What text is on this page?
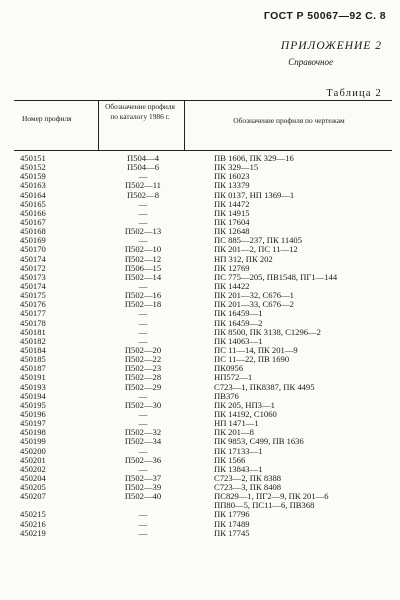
ГОСТ Р 50067—92 С. 8
ПРИЛОЖЕНИЕ 2
Справочное
Таблица 2
Номер профиля
Обозначение профиля
по каталогу 1986 г.	Обозначение профиля по чертежам
450151	П504—4	ПВ 1606, ПК 329—16
450152	П504—6	ПК 329—15
450159	—	ПК 16023
450163	П502—11	ПК 13379
450164	П502—8	ПК 0137, НП 1369—1
450165	—	ПК 14472
450166	—	ПК 14915
450167	—	ПК 17604
450168	П502—13	ПК 12648
450169	—	ПС 885—237, ПК 11405
450170	П502—10	ПК 201—2, ПС 11—12
450174	П502—12	НП 312, ПК 202
450172	П506—15	ПК 12769
450173	П502—14	ПС 775—205, ПВ1548, ПГ1—144
450174	—	ПК 14422
450175	П502—16	ПК 201—32, С676—1
450176	П502—18	ПК 201—33, С676—2
450177	—	ПК 16459—1
450178	—	ПК 16459—2
450181	—	ПК 8500, ПК 3138, С1296—2
450182	—	ПК 14063—1
450184	П502—20	ПС 11—14, ПК 201—9
450185	П502—22	ПС 11—22, ПВ 1690
450187	П502—23	ПК0956
450191	П502—28	НП572—1
450193	П502—29	С723—1, ПК8387, ПК 4495
450194	—	ПВ376
450195	П502—30	ПК 205, НП3—1
450196	—	ПК 14192, С1060
450197	—	НП 1471—1
450198	П502—32	ПК 201—8
450199	П502—34	ПК 9853, С499, ПВ 1636
450200	—	ПК 17133—1
450201	П502—36	ПК 1566
450202	—	ПК 13843—1
450204	П502—37	С723—2, ПК 8388
450205	П502—39	С723—3, ПК 8408
450207	П502—40	ПС829—1, ПГ2—9, ПК 201—6
ПП80—5, ПС11—6, ПВ368
450215	—	ПК 17796
450216	—	ПК 17489
450219	—	ПК 17745
